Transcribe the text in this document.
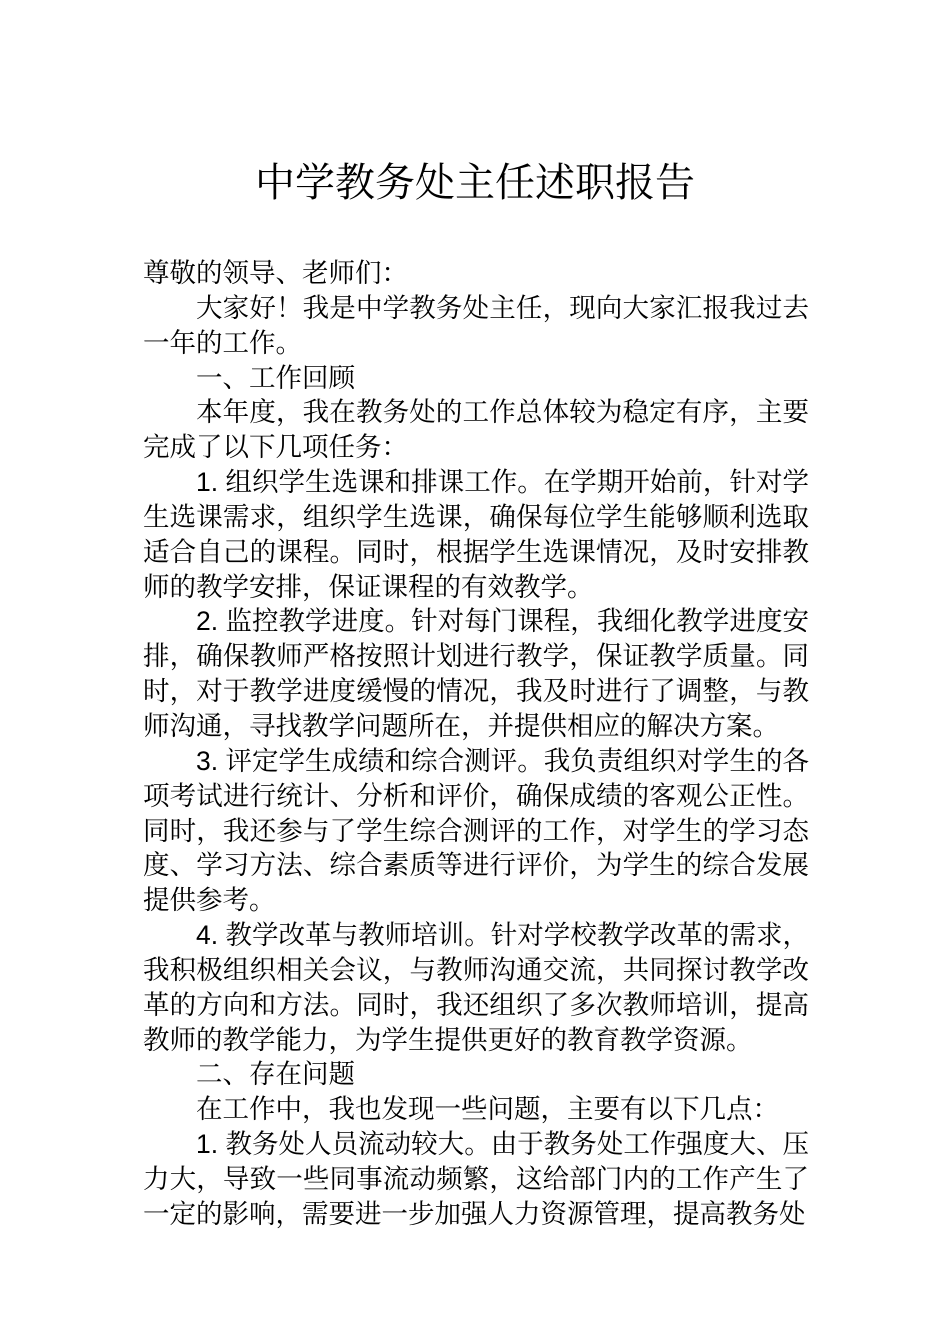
中学教务处主任述职报告

尊敬的领导、老师们：

大家好！我是中学教务处主任，现向大家汇报我过去一年的工作。

一、工作回顾

本年度，我在教务处的工作总体较为稳定有序，主要完成了以下几项任务：

1. 组织学生选课和排课工作。在学期开始前，针对学生选课需求，组织学生选课，确保每位学生能够顺利选取适合自己的课程。同时，根据学生选课情况，及时安排教师的教学安排，保证课程的有效教学。

2. 监控教学进度。针对每门课程，我细化教学进度安排，确保教师严格按照计划进行教学，保证教学质量。同时，对于教学进度缓慢的情况，我及时进行了调整，与教师沟通，寻找教学问题所在，并提供相应的解决方案。

3. 评定学生成绩和综合测评。我负责组织对学生的各项考试进行统计、分析和评价，确保成绩的客观公正性。同时，我还参与了学生综合测评的工作，对学生的学习态度、学习方法、综合素质等进行评价，为学生的综合发展提供参考。

4. 教学改革与教师培训。针对学校教学改革的需求，我积极组织相关会议，与教师沟通交流，共同探讨教学改革的方向和方法。同时，我还组织了多次教师培训，提高教师的教学能力，为学生提供更好的教育教学资源。

二、存在问题

在工作中，我也发现一些问题，主要有以下几点：

1. 教务处人员流动较大。由于教务处工作强度大、压力大，导致一些同事流动频繁，这给部门内的工作产生了一定的影响，需要进一步加强人力资源管理，提高教务处
